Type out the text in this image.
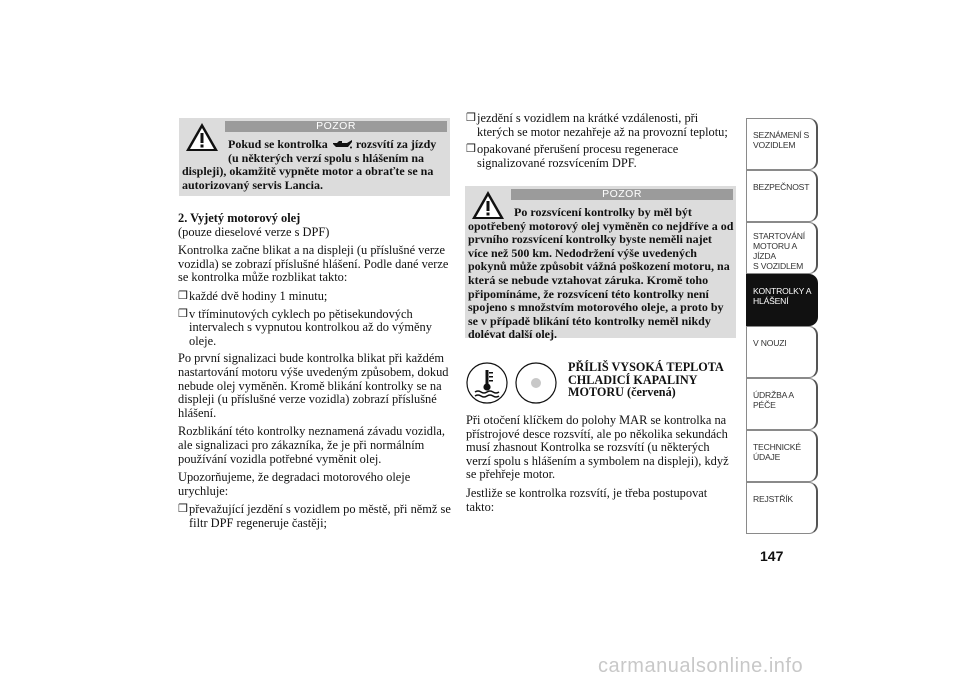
POZOR
Pokud se kontrolka rozsvítí za jízdy
(u některých verzí spolu s hlášením na
displeji), okamžitě vypněte motor a obraťte se na
autorizovaný servis Lancia.

2. Vyjetý motorový olej

(pouze dieselové verze s DPF)

Kontrolka začne blikat a na displeji (u příslušné verze vozidla) se zobrazí příslušné hlášení. Podle dané verze se kontrolka může rozblikat takto:

❒ každé dvě hodiny 1 minutu;
❒ v tříminutových cyklech po pětisekundových intervalech s vypnutou kontrolkou až do výměny oleje.

Po první signalizaci bude kontrolka blikat při každém nastartování motoru výše uvedeným způsobem, dokud nebude olej vyměněn. Kromě blikání kontrolky se na displeji (u příslušné verze vozidla) zobrazí příslušné hlášení.

Rozblikání této kontrolky neznamená závadu vozidla, ale signalizaci pro zákazníka, že je při normálním používání vozidla potřebné vyměnit olej.

Upozorňujeme, že degradaci motorového oleje urychluje:

❒ převažující jezdění s vozidlem po městě, při němž se filtr DPF regeneruje častěji;
❒ jezdění s vozidlem na krátké vzdálenosti, při kterých se motor nezahřeje až na provozní teplotu;
❒ opakované přerušení procesu regenerace signalizované rozsvícením DPF.
POZOR
Po rozsvícení kontrolky by měl být opotřebený motorový olej vyměněn co nejdříve a od prvního rozsvícení kontrolky byste neměli najet více než 500 km. Nedodržení výše uvedených pokynů může způsobit vážná poškození motoru, na která se nebude vztahovat záruka. Kromě toho připomínáme, že rozsvícení této kontrolky není spojeno s množstvím motorového oleje, a proto by se v případě blikání této kontrolky neměl nikdy dolévat další olej.
PŘÍLIŠ VYSOKÁ TEPLOTA CHLADICÍ KAPALINY MOTORU (červená)

Při otočení klíčkem do polohy MAR se kontrolka na přístrojové desce rozsvítí, ale po několika sekundách musí zhasnout Kontrolka se rozsvítí (u některých verzí spolu s hlášením a symbolem na displeji), když se přehřeje motor.

Jestliže se kontrolka rozsvítí, je třeba postupovat takto:

SEZNÁMENÍ S
VOZIDLEM
BEZPEČNOST
STARTOVÁNÍ
MOTORU A JÍZDA
S VOZIDLEM
KONTROLKY A
HLÁŠENÍ
V NOUZI
ÚDRŽBA A PÉČE
TECHNICKÉ
ÚDAJE
REJSTŘÍK
147
carmanualsonline.info
